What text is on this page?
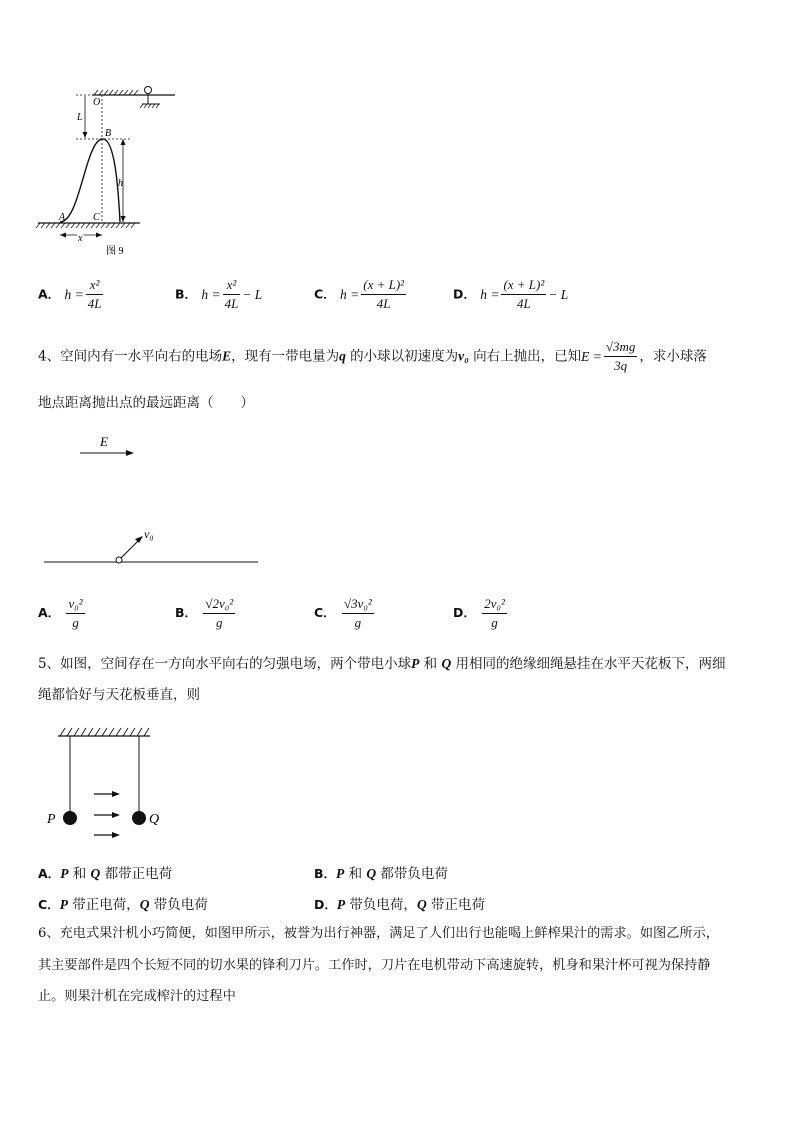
O
L
B
h
A	C
x
图 9
A． $h = \frac{\text{x²}}{4L}$	B． $h = \frac{\text{x²}}{4L} - L$	C． $h = \frac{\text{(x + L)²}}{4L}$	D． $h = \frac{\text{(x + L)²}}{4L} - L$
4、空间内有一水平向右的电场E，现有一带电量为q 的小球以初速度为v₀ 向右上抛出，已知 $E = \frac{√3mg}{3q}$ ，求小球落
地点距离抛出点的最远距离（　　）
E
v₀
A． $\frac{\text{v₀²}}{g}$	B． $\frac{\text{√2v₀²}}{g}$	C． $\frac{\text{√3v₀²}}{g}$	D． $\frac{\text{2v₀²}}{g}$
5、如图，空间存在一方向水平向右的匀强电场，两个带电小球P 和 Q 用相同的绝缘细绳悬挂在水平天花板下，两细
绳都恰好与天花板垂直，则
P	Q
A．P 和 Q 都带正电荷	B．P 和 Q 都带负电荷
C．P 带正电荷，Q 带负电荷	D．P 带负电荷，Q 带正电荷
6、充电式果汁机小巧简便，如图甲所示，被誉为出行神器，满足了人们出行也能喝上鲜榨果汁的需求。如图乙所示，
其主要部件是四个长短不同的切水果的锋利刀片。工作时，刀片在电机带动下高速旋转，机身和果汁杯可视为保持静
止。则果汁机在完成榨汁的过程中
